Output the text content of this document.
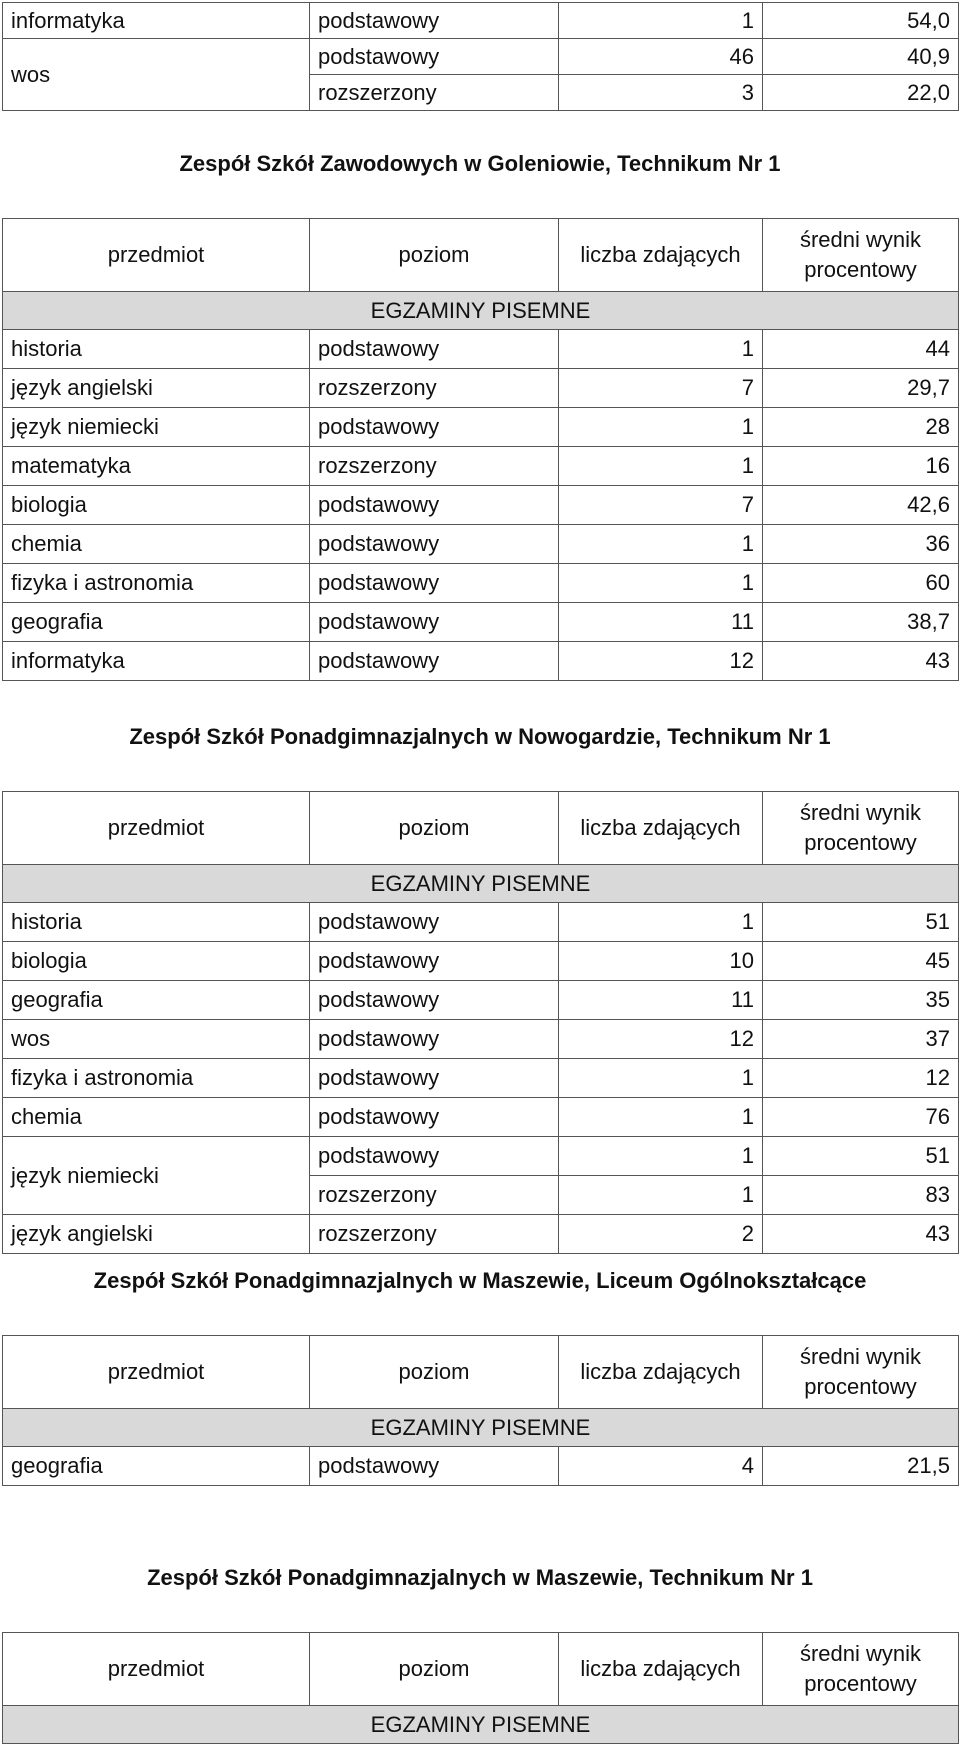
informatyka	podstawowy	1	54,0
wos	podstawowy	46	40,9
	rozszerzony	3	22,0
Zespół Szkół Zawodowych w Goleniowie, Technikum Nr 1
przedmiot	poziom	liczba zdających	średni wynik
procentowy
EGZAMINY PISEMNE			
historia	podstawowy	1	44
język angielski	rozszerzony	7	29,7
język niemiecki	podstawowy	1	28
matematyka	rozszerzony	1	16
biologia	podstawowy	7	42,6
chemia	podstawowy	1	36
fizyka i astronomia	podstawowy	1	60
geografia	podstawowy	11	38,7
informatyka	podstawowy	12	43
Zespół Szkół Ponadgimnazjalnych w Nowogardzie, Technikum Nr 1
przedmiot	poziom	liczba zdających	średni wynik
procentowy
EGZAMINY PISEMNE			
historia	podstawowy	1	51
biologia	podstawowy	10	45
geografia	podstawowy	11	35
wos	podstawowy	12	37
fizyka i astronomia	podstawowy	1	12
chemia	podstawowy	1	76
język niemiecki	podstawowy	1	51
	rozszerzony	1	83
język angielski	rozszerzony	2	43
Zespół Szkół Ponadgimnazjalnych w Maszewie, Liceum Ogólnokształcące
przedmiot	poziom	liczba zdających	średni wynik
procentowy
EGZAMINY PISEMNE			
geografia	podstawowy	4	21,5
Zespół Szkół Ponadgimnazjalnych w Maszewie, Technikum Nr 1
przedmiot	poziom	liczba zdających	średni wynik
procentowy
EGZAMINY PISEMNE
